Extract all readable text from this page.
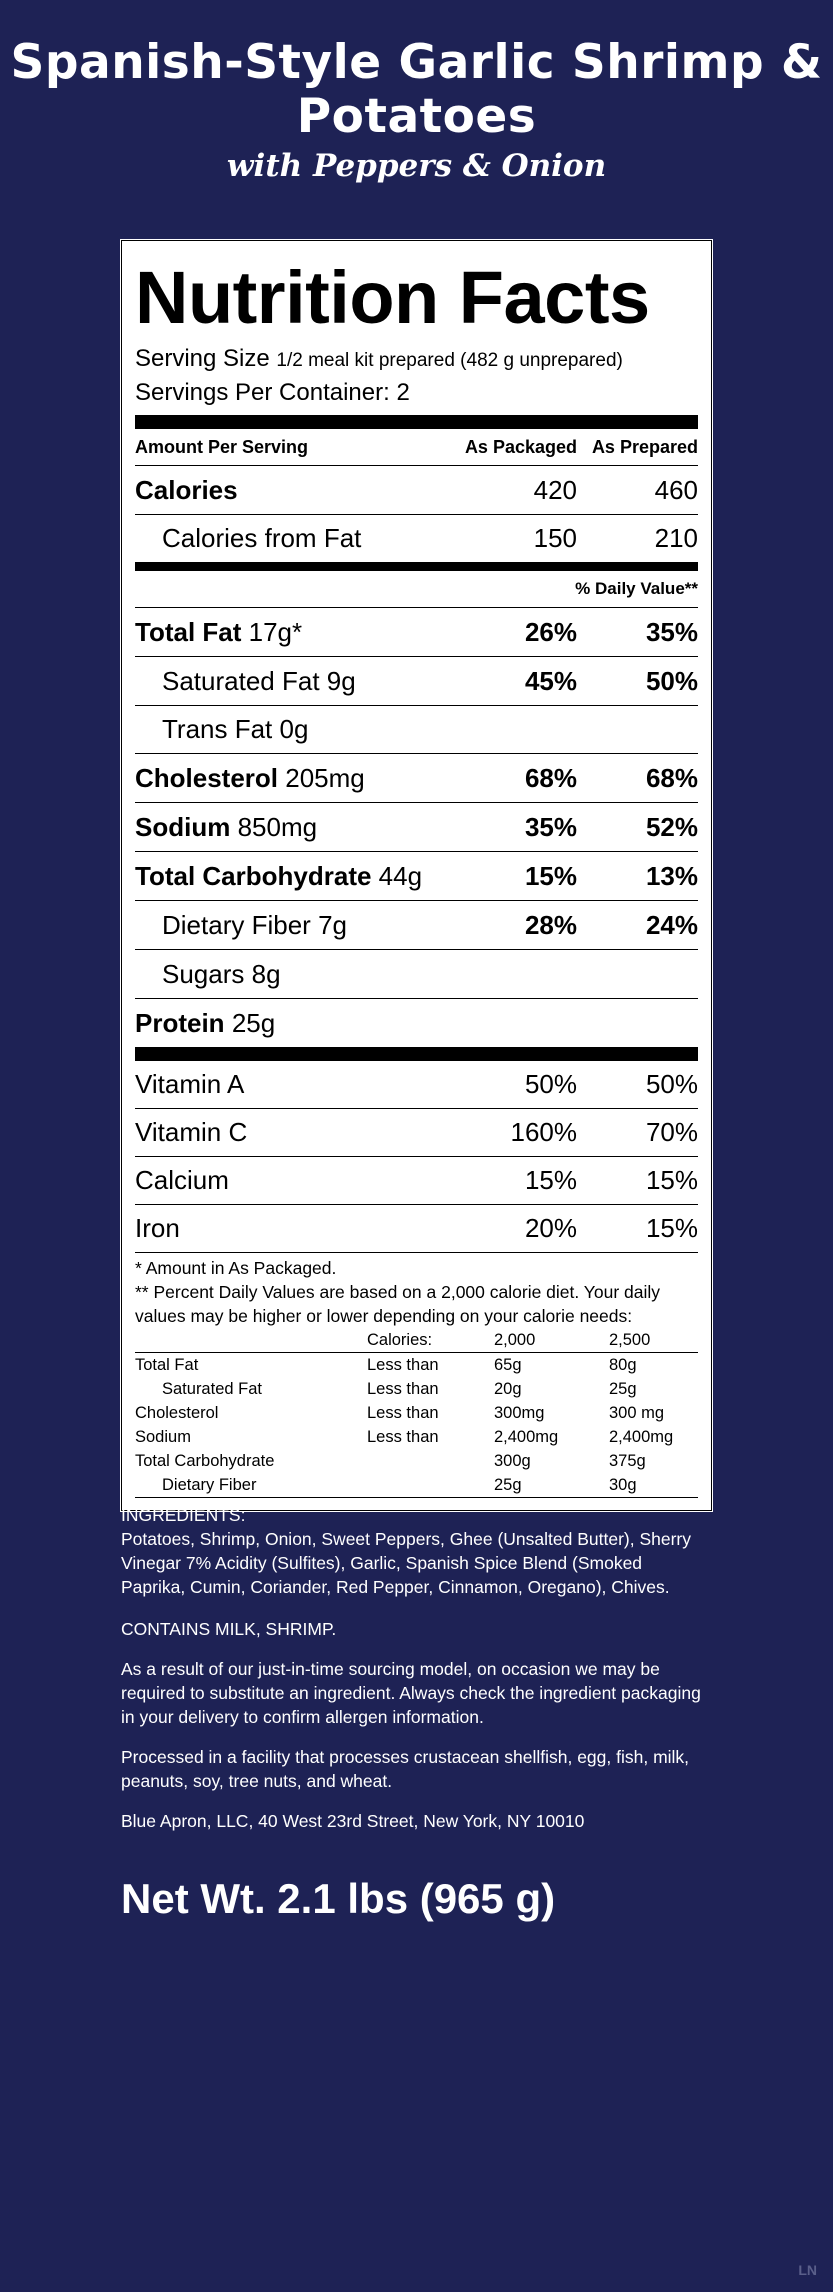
Spanish-Style Garlic Shrimp & Potatoes
with Peppers & Onion
Nutrition Facts
Serving Size 1/2 meal kit prepared (482 g unprepared)
Servings Per Container: 2
Amount Per Serving	As Packaged As Prepared
Calories	420	460
Calories from Fat	150	210
% Daily Value**
Total Fat 17g*	26%	35%
Saturated Fat 9g	45%	50%
Trans Fat 0g
Cholesterol 205mg	68%	68%
Sodium 850mg	35%	52%
Total Carbohydrate 44g	15%	13%
Dietary Fiber 7g	28%	24%
Sugars 8g
Protein 25g
Vitamin A	50%	50%
Vitamin C	160%	70%
Calcium	15%	15%
Iron	20%	15%
* Amount in As Packaged.
** Percent Daily Values are based on a 2,000 calorie diet. Your daily values may be higher or lower depending on your calorie needs:
	Calories:	2,000	2,500
Total Fat	Less than	65g	80g
Saturated Fat	Less than	20g	25g
Cholesterol	Less than	300mg	300 mg
Sodium	Less than	2,400mg	2,400mg
Total Carbohydrate		300g	375g
Dietary Fiber		25g	30g

INGREDIENTS:

Potatoes, Shrimp, Onion, Sweet Peppers, Ghee (Unsalted Butter), Sherry Vinegar 7% Acidity (Sulfites), Garlic, Spanish Spice Blend (Smoked Paprika, Cumin, Coriander, Red Pepper, Cinnamon, Oregano), Chives.

CONTAINS MILK, SHRIMP.
As a result of our just-in-time sourcing model, on occasion we may be required to substitute an ingredient. Always check the ingredient packaging in your delivery to confirm allergen information.
Processed in a facility that processes crustacean shellfish, egg, fish, milk, peanuts, soy, tree nuts, and wheat.
Blue Apron, LLC, 40 West 23rd Street, New York, NY 10010
Net Wt. 2.1 lbs (965 g)
LN
